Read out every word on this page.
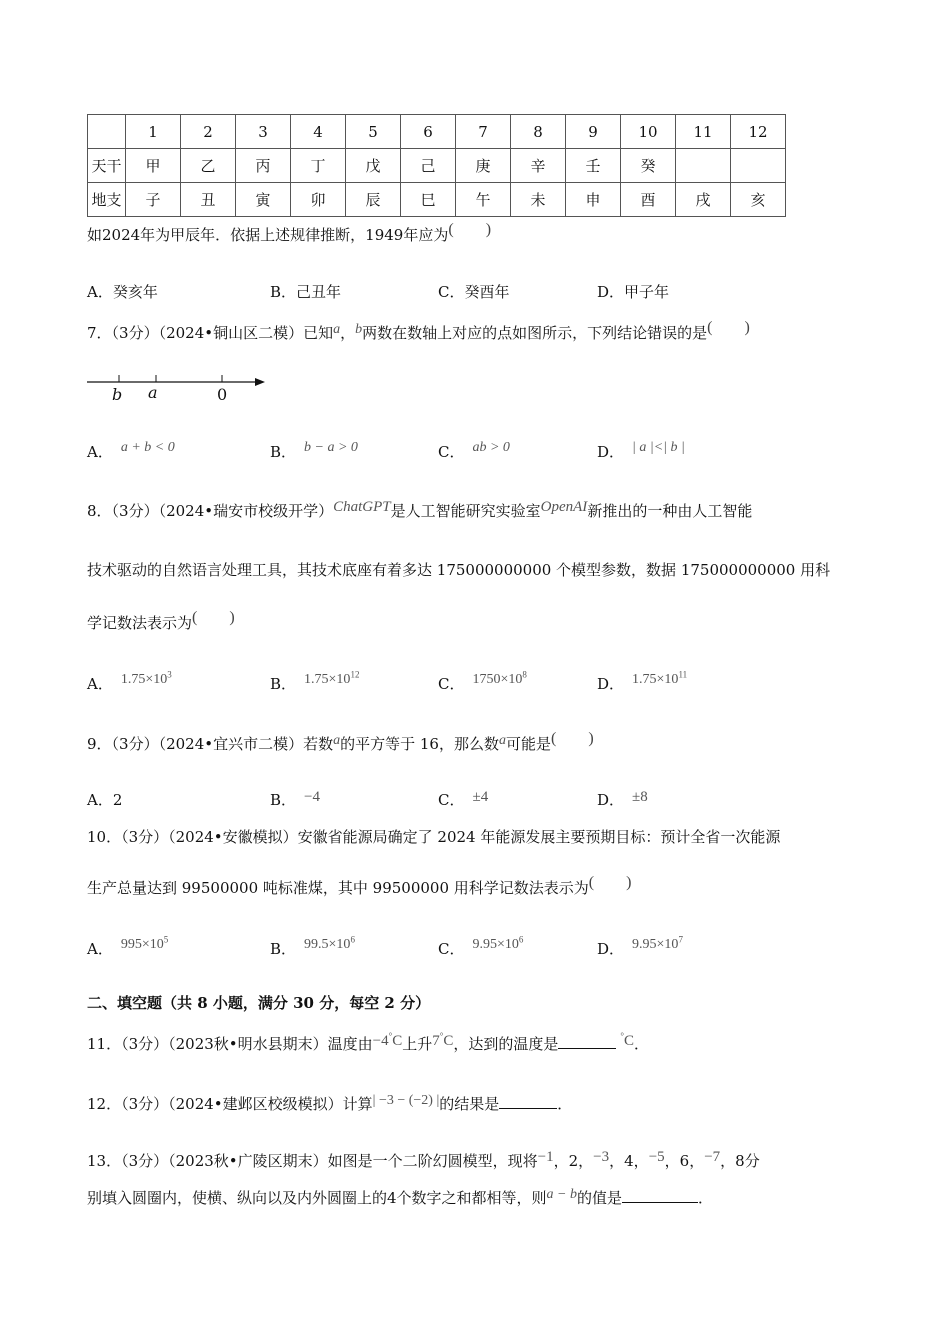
	1	2	3	4	5	6	7	8	9	10	11	12
天干	甲	乙	丙	丁	戊	己	庚	辛	壬	癸		
地支	子	丑	寅	卯	辰	巳	午	未	申	酉	戌	亥
如2024年为甲辰年．依据上述规律推断，1949年应为(        )
A．癸亥年	B．己丑年	C．癸酉年	D．甲子年
7．（3分）（2024•铜山区二模）已知a，b两数在数轴上对应的点如图所示，下列结论错误的是(        )
b a	0
A． a + b < 0	B． b − a > 0	C． ab > 0	D． | a |<| b |
8．（3分）（2024•瑞安市校级开学）ChatGPT是人工智能研究实验室OpenAI新推出的一种由人工智能
技术驱动的自然语言处理工具，其技术底座有着多达 175000000000 个模型参数，数据 175000000000 用科
学记数法表示为(        )
A． $1.75\times 10^3$
B． $1.75\times 10^{12}$
C． $1750\times 10^8$
D． $1.75\times 10^{11}$
9．（3分）（2024•宜兴市二模）若数a的平方等于 16，那么数a可能是(        )
A．2	B． −4	C． ±4	D． ±8
10．（3分）（2024•安徽模拟）安徽省能源局确定了 2024 年能源发展主要预期目标：预计全省一次能源
生产总量达到 99500000 吨标准煤，其中 99500000 用科学记数法表示为(        )
A． $995\times 10^5$
B． $99.5\times 10^6$
C． $9.95\times 10^6$
D． $9.95\times 10^7$
二、填空题（共 8 小题，满分 30 分，每空 2 分）
11．（3分）（2023秋•明水县期末）温度由−4°C上升7°C，达到的温度是	°C．
12．（3分）（2024•建邺区校级模拟）计算| −3 − (−2) |的结果是	．
13．（3分）（2023秋•广陵区期末）如图是一个二阶幻圆模型，现将−1，2，−3，4，−5，6，−7，8分
别填入圆圈内，使横、纵向以及内外圆圈上的4个数字之和都相等，则a − b的值是	．
